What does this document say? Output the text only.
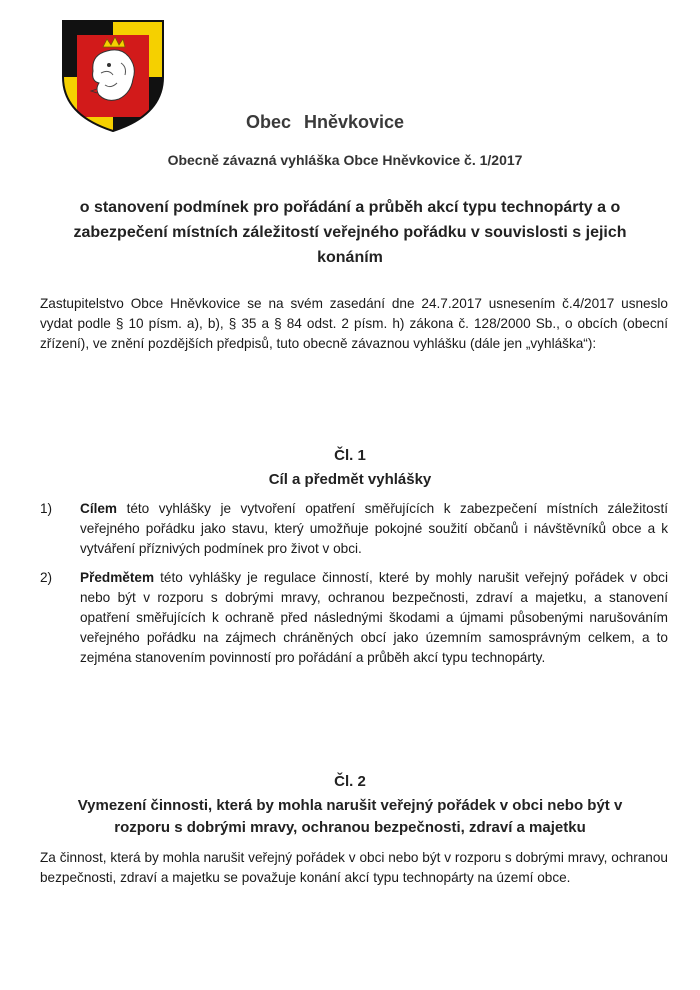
Obec Hněvkovice
Obecně závazná vyhláška Obce Hněvkovice č. 1/2017
o stanovení podmínek pro pořádání a průběh akcí typu technopárty a o zabezpečení místních záležitostí veřejného pořádku v souvislosti s jejich konáním
Zastupitelstvo Obce Hněvkovice se na svém zasedání dne 24.7.2017 usnesením č.4/2017 usneslo vydat podle § 10 písm. a), b), § 35 a § 84 odst. 2 písm. h) zákona č. 128/2000 Sb., o obcích (obecní zřízení), ve znění pozdějších předpisů, tuto obecně závaznou vyhlášku (dále jen „vyhláška“):
Čl. 1
Cíl a předmět vyhlášky
1) Cílem této vyhlášky je vytvoření opatření směřujících k zabezpečení místních záležitostí veřejného pořádku jako stavu, který umožňuje pokojné soužití občanů i návštěvníků obce a k vytváření příznivých podmínek pro život v obci.
2) Předmětem této vyhlášky je regulace činností, které by mohly narušit veřejný pořádek v obci nebo být v rozporu s dobrými mravy, ochranou bezpečnosti, zdraví a majetku, a stanovení opatření směřujících k ochraně před následnými škodami a újmami působenými narušováním veřejného pořádku na zájmech chráněných obcí jako územním samosprávným celkem, a to zejména stanovením povinností pro pořádání a průběh akcí typu technopárty.
Čl. 2
Vymezení činnosti, která by mohla narušit veřejný pořádek v obci nebo být v rozporu s dobrými mravy, ochranou bezpečnosti, zdraví a majetku
Za činnost, která by mohla narušit veřejný pořádek v obci nebo být v rozporu s dobrými mravy, ochranou bezpečnosti, zdraví a majetku se považuje konání akcí typu technopárty na území obce.
